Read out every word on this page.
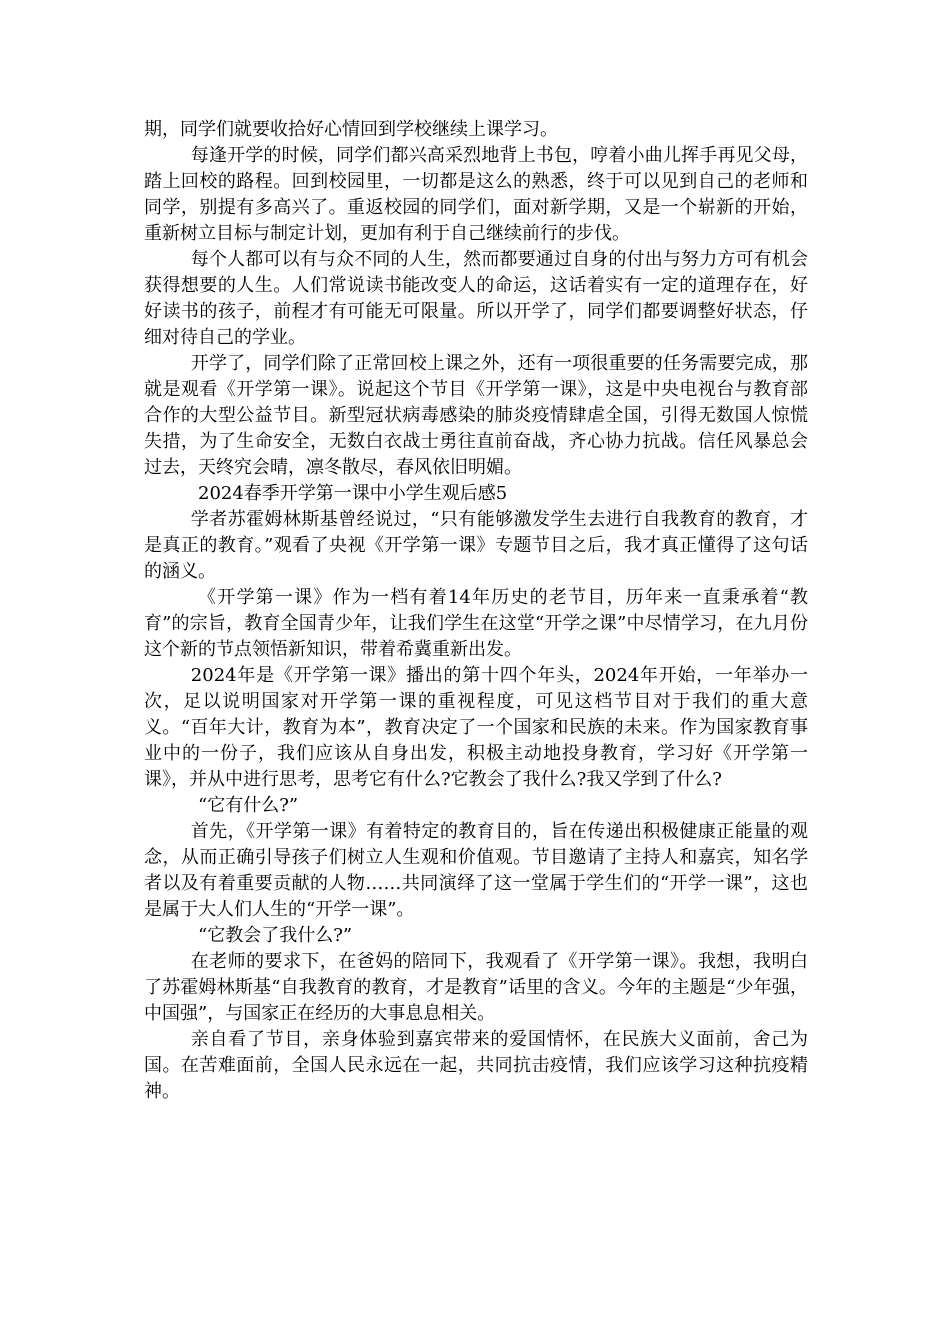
期，同学们就要收拾好心情回到学校继续上课学习。

每逢开学的时候，同学们都兴高采烈地背上书包，哼着小曲儿挥手再见父母，踏上回校的路程。回到校园里，一切都是这么的熟悉，终于可以见到自己的老师和同学，别提有多高兴了。重返校园的同学们，面对新学期，又是一个崭新的开始，重新树立目标与制定计划，更加有利于自己继续前行的步伐。

每个人都可以有与众不同的人生，然而都要通过自身的付出与努力方可有机会获得想要的人生。人们常说读书能改变人的命运，这话着实有一定的道理存在，好好读书的孩子，前程才有可能无可限量。所以开学了，同学们都要调整好状态，仔细对待自己的学业。

开学了，同学们除了正常回校上课之外，还有一项很重要的任务需要完成，那就是观看《开学第一课》。说起这个节目《开学第一课》，这是中央电视台与教育部合作的大型公益节目。新型冠状病毒感染的肺炎疫情肆虐全国，引得无数国人惊慌失措，为了生命安全，无数白衣战士勇往直前奋战，齐心协力抗战。信任风暴总会过去，天终究会晴，凛冬散尽，春风依旧明媚。

2024春季开学第一课中小学生观后感5

学者苏霍姆林斯基曾经说过，“只有能够激发学生去进行自我教育的教育，才是真正的教育。”观看了央视《开学第一课》专题节目之后，我才真正懂得了这句话的涵义。

《开学第一课》作为一档有着14年历史的老节目，历年来一直秉承着“教育”的宗旨，教育全国青少年，让我们学生在这堂“开学之课”中尽情学习，在九月份这个新的节点领悟新知识，带着希冀重新出发。

2024年是《开学第一课》播出的第十四个年头，2024年开始，一年举办一次，足以说明国家对开学第一课的重视程度，可见这档节目对于我们的重大意义。“百年大计，教育为本”，教育决定了一个国家和民族的未来。作为国家教育事业中的一份子，我们应该从自身出发，积极主动地投身教育，学习好《开学第一课》，并从中进行思考，思考它有什么?它教会了我什么?我又学到了什么?

“它有什么?”

首先，《开学第一课》有着特定的教育目的，旨在传递出积极健康正能量的观念，从而正确引导孩子们树立人生观和价值观。节目邀请了主持人和嘉宾，知名学者以及有着重要贡献的人物……共同演绎了这一堂属于学生们的“开学一课”，这也是属于大人们人生的“开学一课”。

“它教会了我什么?”

在老师的要求下，在爸妈的陪同下，我观看了《开学第一课》。我想，我明白了苏霍姆林斯基“自我教育的教育，才是教育”话里的含义。今年的主题是“少年强，中国强”，与国家正在经历的大事息息相关。

亲自看了节目，亲身体验到嘉宾带来的爱国情怀，在民族大义面前，舍己为国。在苦难面前，全国人民永远在一起，共同抗击疫情，我们应该学习这种抗疫精神。
